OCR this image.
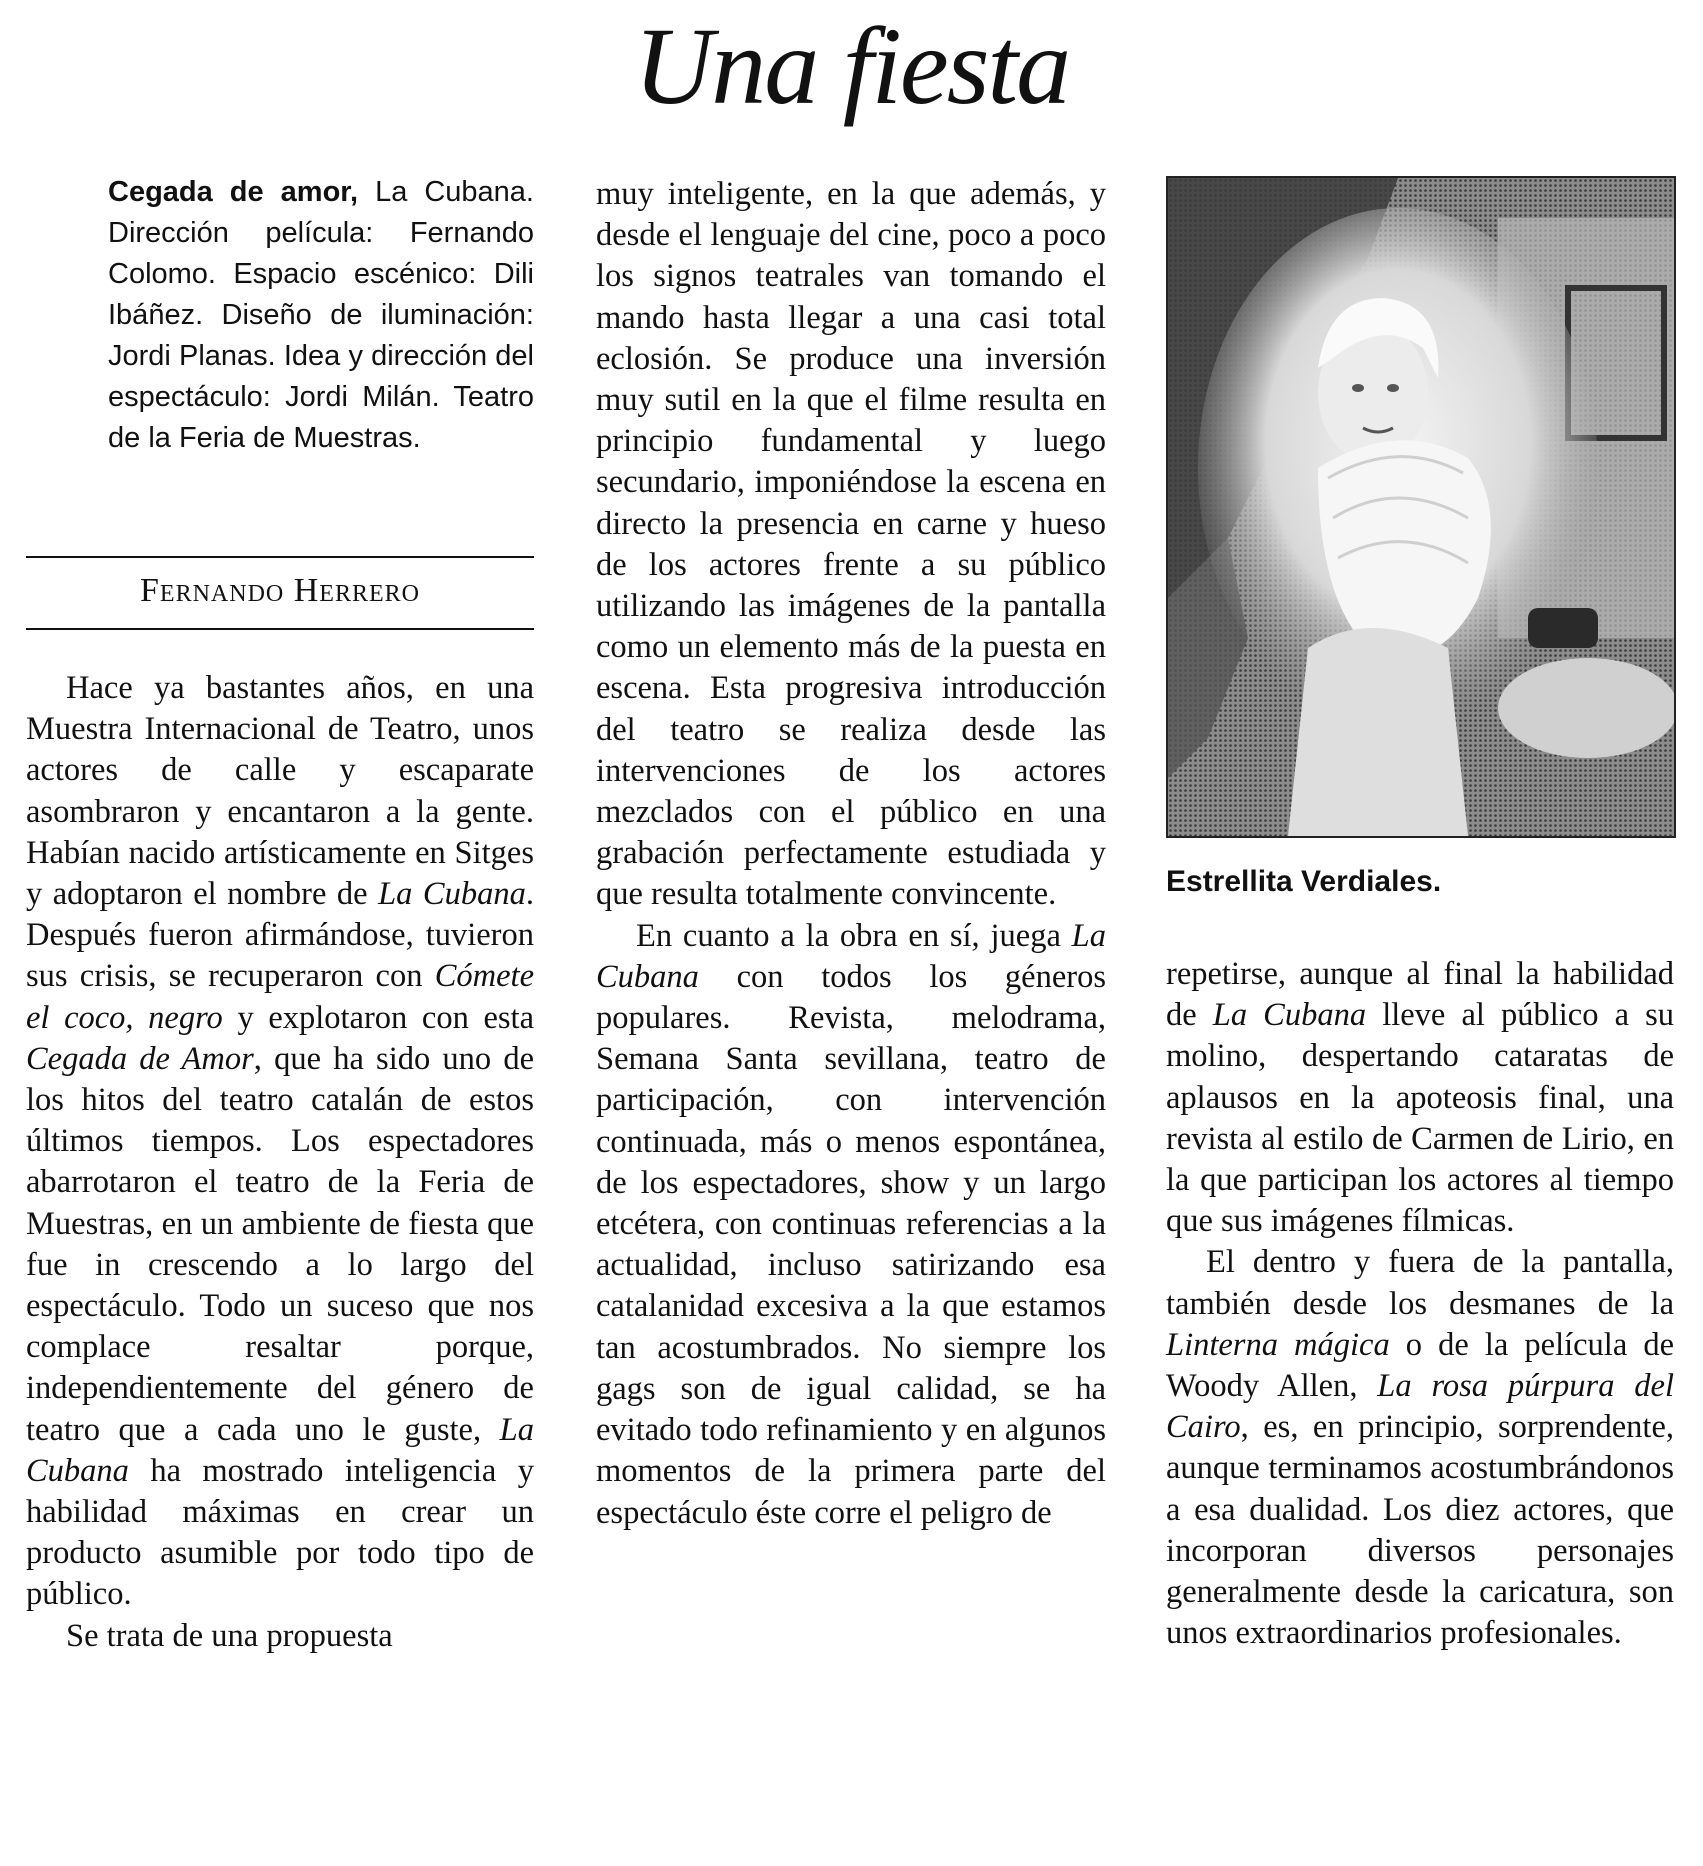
Una fiesta
Cegada de amor, La Cubana. Dirección película: Fernando Colomo. Espacio escénico: Dili Ibáñez. Diseño de iluminación: Jordi Planas. Idea y dirección del espectáculo: Jordi Milán. Teatro de la Feria de Muestras.
Fernando Herrero

Hace ya bastantes años, en una Muestra Internacional de Teatro, unos actores de calle y escaparate asombraron y encantaron a la gente. Habían nacido artísticamente en Sitges y adoptaron el nombre de La Cubana. Después fueron afirmándose, tuvieron sus crisis, se recuperaron con Cómete el coco, negro y explotaron con esta Cegada de Amor, que ha sido uno de los hitos del teatro catalán de estos últimos tiempos. Los espectadores abarrotaron el teatro de la Feria de Muestras, en un ambiente de fiesta que fue in crescendo a lo largo del espectáculo. Todo un suceso que nos complace resaltar porque, independientemente del género de teatro que a cada uno le guste, La Cubana ha mostrado inteligencia y habilidad máximas en crear un producto asumible por todo tipo de público.

Se trata de una propuesta

muy inteligente, en la que además, y desde el lenguaje del cine, poco a poco los signos teatrales van tomando el mando hasta llegar a una casi total eclosión. Se produce una inversión muy sutil en la que el filme resulta en principio fundamental y luego secundario, imponiéndose la escena en directo la presencia en carne y hueso de los actores frente a su público utilizando las imágenes de la pantalla como un elemento más de la puesta en escena. Esta progresiva introducción del teatro se realiza desde las intervenciones de los actores mezclados con el público en una grabación perfectamente estudiada y que resulta totalmente convincente.

En cuanto a la obra en sí, juega La Cubana con todos los géneros populares. Revista, melodrama, Semana Santa sevillana, teatro de participación, con intervención continuada, más o menos espontánea, de los espectadores, show y un largo etcétera, con continuas referencias a la actualidad, incluso satirizando esa catalanidad excesiva a la que estamos tan acostumbrados. No siempre los gags son de igual calidad, se ha evitado todo refinamiento y en algunos momentos de la primera parte del espectáculo éste corre el peligro de

Estrellita Verdiales.

repetirse, aunque al final la habilidad de La Cubana lleve al público a su molino, despertando cataratas de aplausos en la apoteosis final, una revista al estilo de Carmen de Lirio, en la que participan los actores al tiempo que sus imágenes fílmicas.

El dentro y fuera de la pantalla, también desde los desmanes de la Linterna mágica o de la película de Woody Allen, La rosa púrpura del Cairo, es, en principio, sorprendente, aunque terminamos acostumbrándonos a esa dualidad. Los diez actores, que incorporan diversos personajes generalmente desde la caricatura, son unos extraordinarios profesionales.
